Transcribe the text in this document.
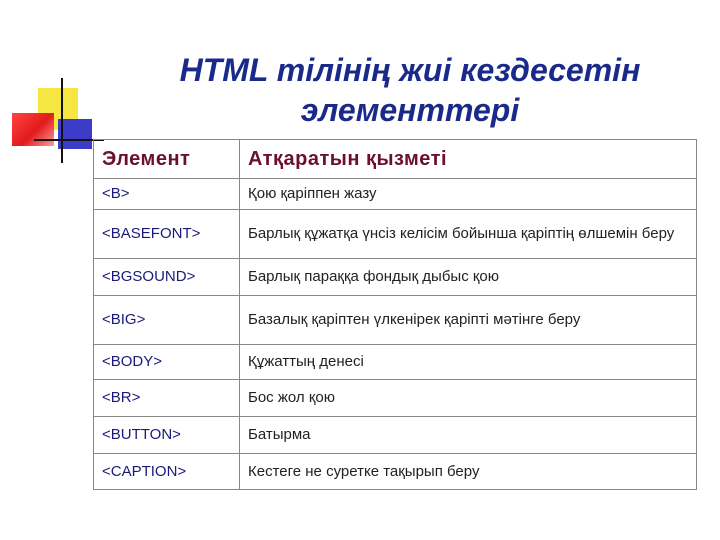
HTML тілінің жиі кездесетін
элементтері
Элемент	Атқаратын қызметі
<B>	Қою қаріппен жазу
<BASEFONT>	Барлық құжатқа үнсіз келісім бойынша қаріптің өлшемін беру
<BGSOUND>	Барлық параққа фондық дыбыс қою
<BIG>	Базалық қаріптен үлкенірек қаріпті мәтінге беру
<BODY>	Құжаттың денесі
<BR>	Бос жол қою
<BUTTON>	Батырма
<CAPTION>	Кестеге не суретке тақырып беру
